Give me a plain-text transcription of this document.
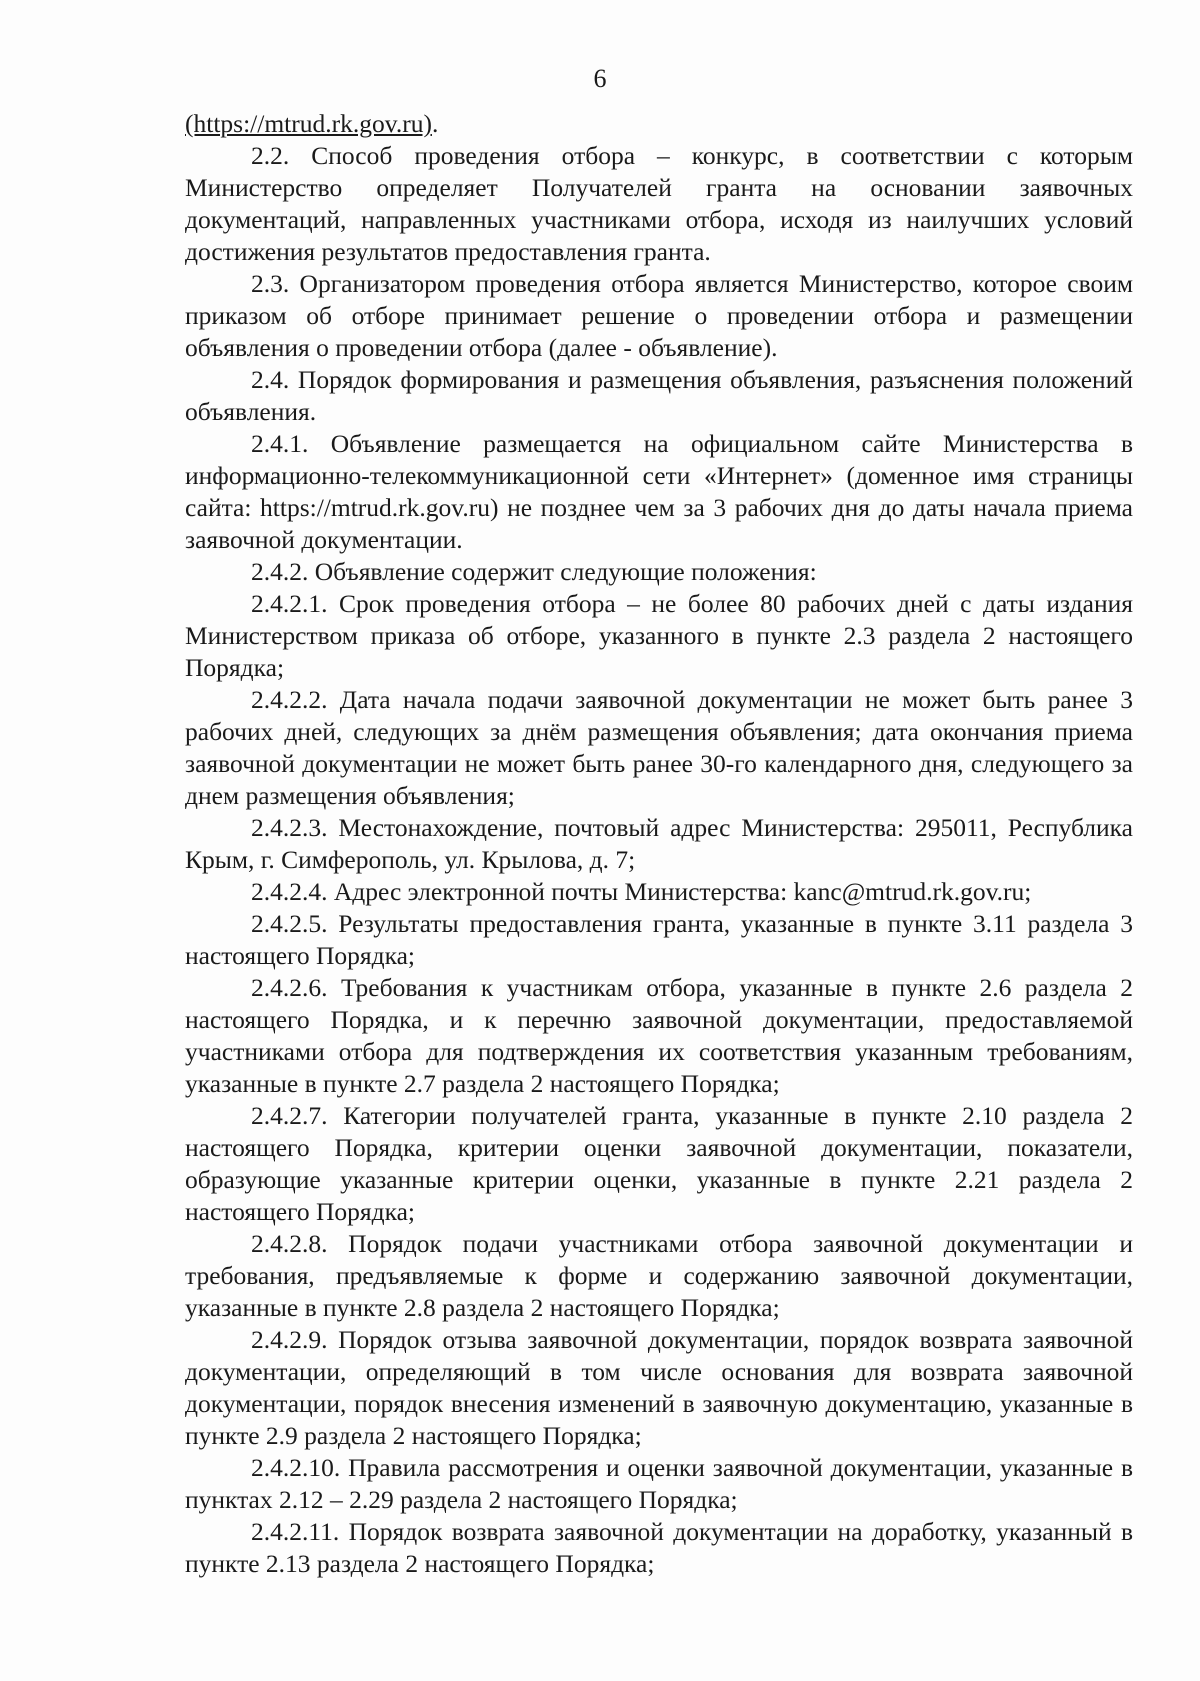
6

(https://mtrud.rk.gov.ru).

2.2. Способ проведения отбора – конкурс, в соответствии с которым Министерство определяет Получателей гранта на основании заявочных документаций, направленных участниками отбора, исходя из наилучших условий достижения результатов предоставления гранта.

2.3. Организатором проведения отбора является Министерство, которое своим приказом об отборе принимает решение о проведении отбора и размещении объявления о проведении отбора (далее - объявление).

2.4. Порядок формирования и размещения объявления, разъяснения положений объявления.

2.4.1. Объявление размещается на официальном сайте Министерства в информационно-телекоммуникационной сети «Интернет» (доменное имя страницы сайта: https://mtrud.rk.gov.ru) не позднее чем за 3 рабочих дня до даты начала приема заявочной документации.

2.4.2. Объявление содержит следующие положения:

2.4.2.1. Срок проведения отбора – не более 80 рабочих дней с даты издания Министерством приказа об отборе, указанного в пункте 2.3 раздела 2 настоящего Порядка;

2.4.2.2. Дата начала подачи заявочной документации не может быть ранее 3 рабочих дней, следующих за днём размещения объявления; дата окончания приема заявочной документации не может быть ранее 30-го календарного дня, следующего за днем размещения объявления;

2.4.2.3. Местонахождение, почтовый адрес Министерства: 295011, Республика Крым, г. Симферополь, ул. Крылова, д. 7;

2.4.2.4. Адрес электронной почты Министерства: kanc@mtrud.rk.gov.ru;

2.4.2.5. Результаты предоставления гранта, указанные в пункте 3.11 раздела 3 настоящего Порядка;

2.4.2.6. Требования к участникам отбора, указанные в пункте 2.6 раздела 2 настоящего Порядка, и к перечню заявочной документации, предоставляемой участниками отбора для подтверждения их соответствия указанным требованиям, указанные в пункте 2.7 раздела 2 настоящего Порядка;

2.4.2.7. Категории получателей гранта, указанные в пункте 2.10 раздела 2 настоящего Порядка, критерии оценки заявочной документации, показатели, образующие указанные критерии оценки, указанные в пункте 2.21 раздела 2 настоящего Порядка;

2.4.2.8. Порядок подачи участниками отбора заявочной документации и требования, предъявляемые к форме и содержанию заявочной документации, указанные в пункте 2.8 раздела 2 настоящего Порядка;

2.4.2.9. Порядок отзыва заявочной документации, порядок возврата заявочной документации, определяющий в том числе основания для возврата заявочной документации, порядок внесения изменений в заявочную документацию, указанные в пункте 2.9 раздела 2 настоящего Порядка;

2.4.2.10. Правила рассмотрения и оценки заявочной документации, указанные в пунктах 2.12 – 2.29 раздела 2 настоящего Порядка;

2.4.2.11. Порядок возврата заявочной документации на доработку, указанный в пункте 2.13 раздела 2 настоящего Порядка;
